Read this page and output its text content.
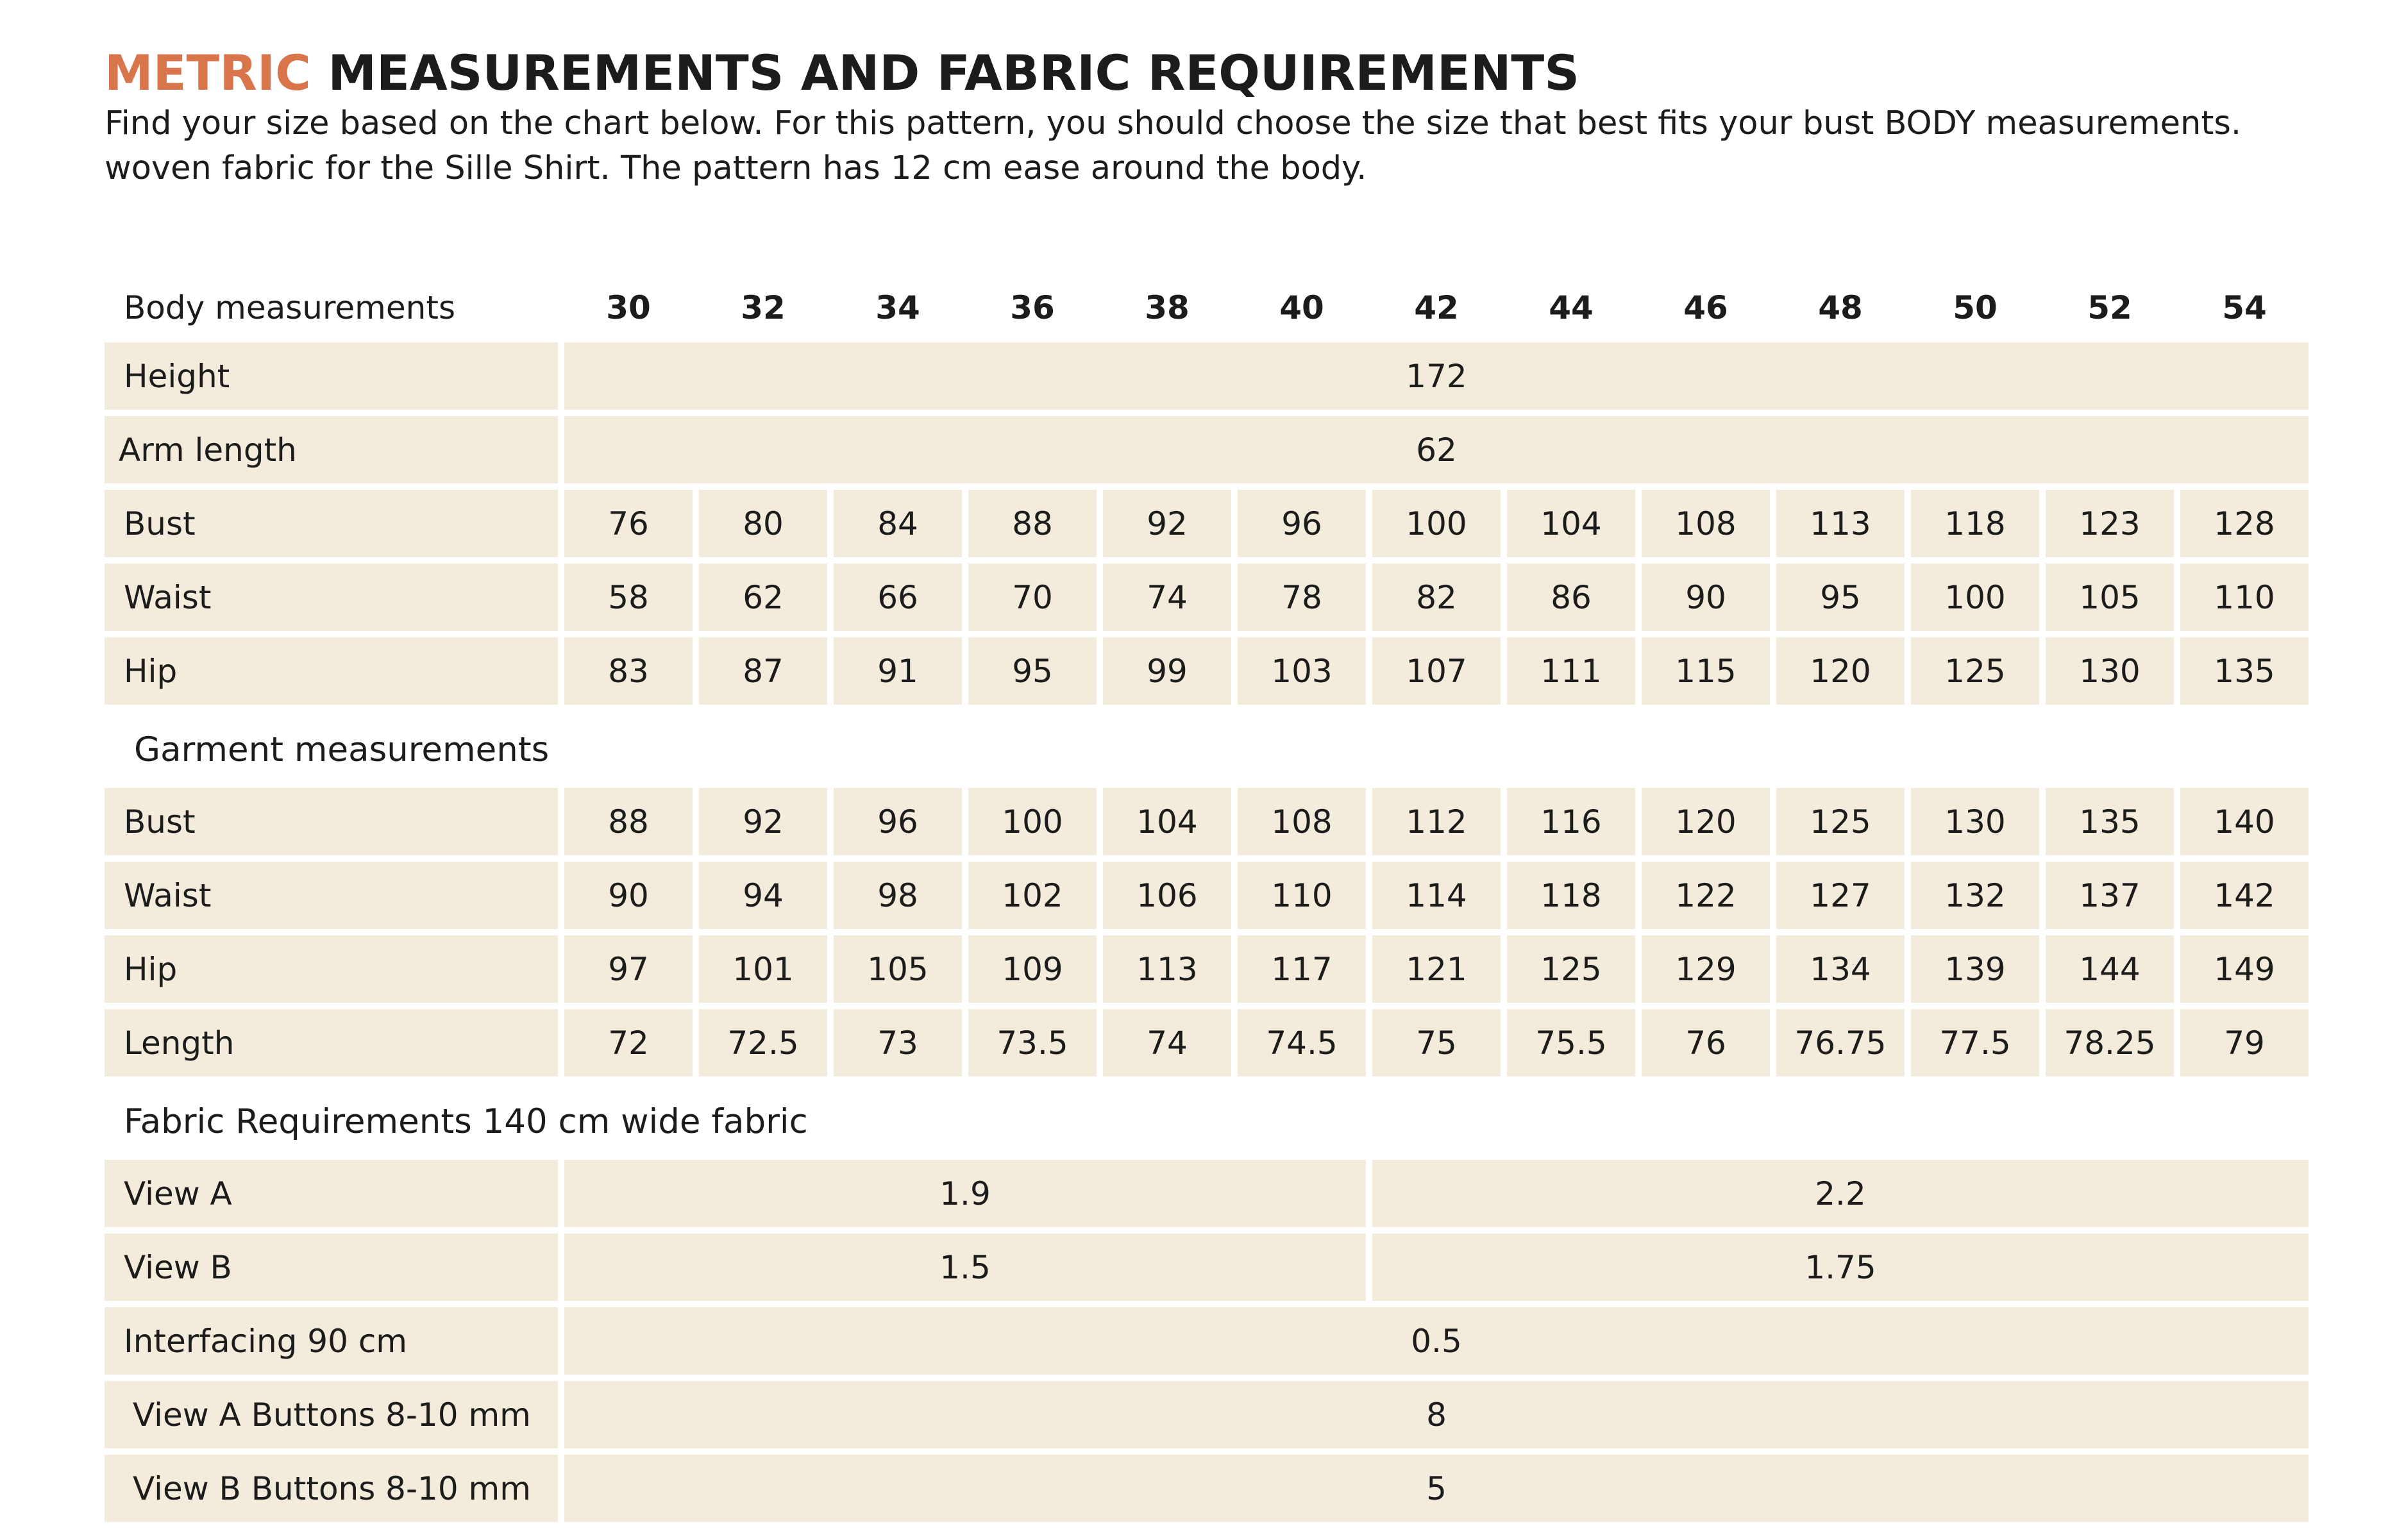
METRIC MEASUREMENTS AND FABRIC REQUIREMENTS
Find your size based on the chart below. For this pattern, you should choose the size that best fits your bust BODY measurements.
woven fabric for the Sille Shirt. The pattern has 12 cm ease around the body.
Body measurements	30	32	34	36	38	40	42	44	46	48	50	52	54
Height	172
Arm length	62
Bust	76	80	84	88	92	96	100	104	108	113	118	123	128
Waist	58	62	66	70	74	78	82	86	90	95	100	105	110
Hip	83	87	91	95	99	103	107	111	115	120	125	130	135
Garment measurements
Bust	88	92	96	100	104	108	112	116	120	125	130	135	140
Waist	90	94	98	102	106	110	114	118	122	127	132	137	142
Hip	97	101	105	109	113	117	121	125	129	134	139	144	149
Length	72	72.5	73	73.5	74	74.5	75	75.5	76	76.75	77.5	78.25	79
Fabric Requirements 140 cm wide fabric
View A	1.9	2.2
View B	1.5	1.75
Interfacing 90 cm	0.5
View A Buttons 8-10 mm	8
View B Buttons 8-10 mm	5
